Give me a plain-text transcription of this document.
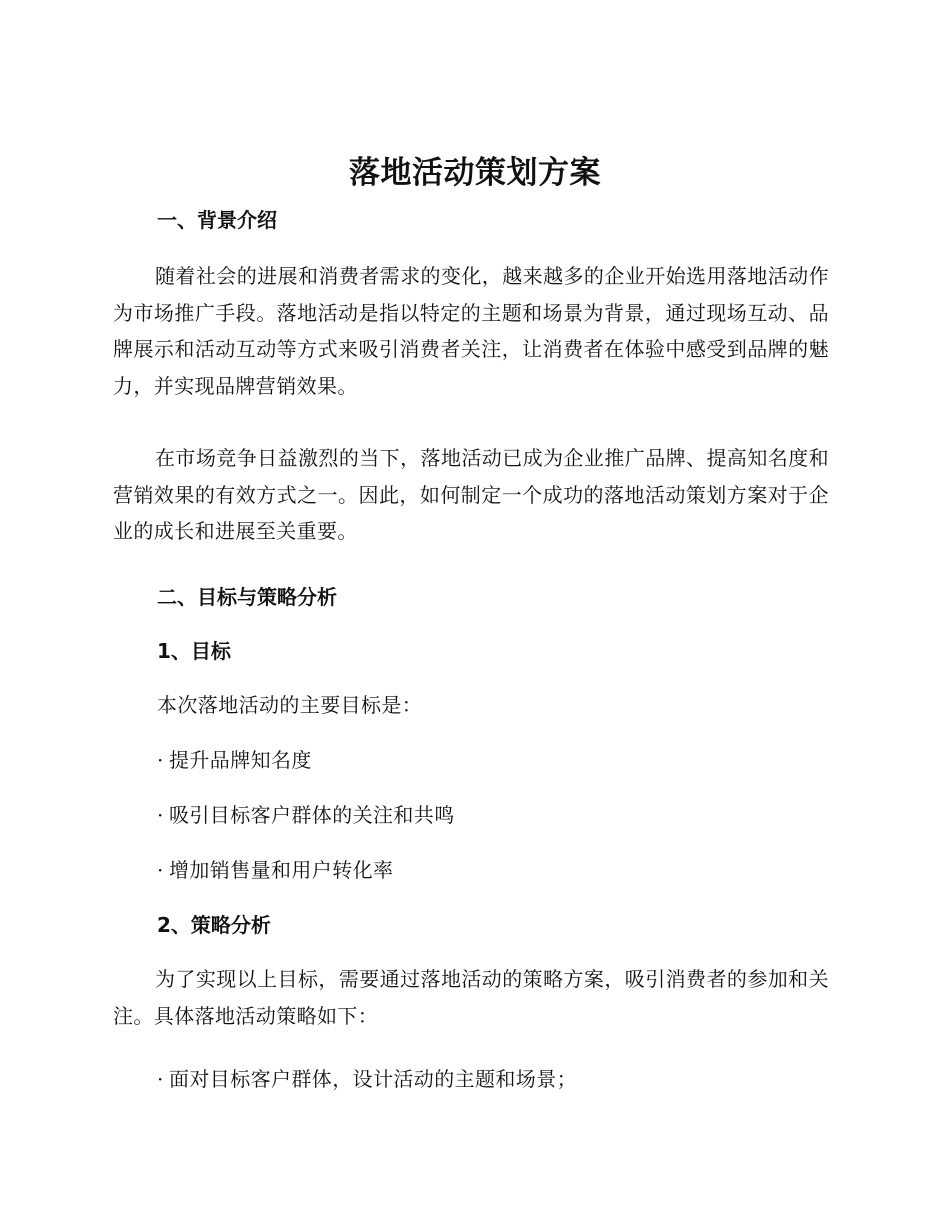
落地活动策划方案
一、背景介绍

随着社会的进展和消费者需求的变化，越来越多的企业开始选用落地活动作为市场推广手段。落地活动是指以特定的主题和场景为背景，通过现场互动、品牌展示和活动互动等方式来吸引消费者关注，让消费者在体验中感受到品牌的魅力，并实现品牌营销效果。

在市场竞争日益激烈的当下，落地活动已成为企业推广品牌、提高知名度和营销效果的有效方式之一。因此，如何制定一个成功的落地活动策划方案对于企业的成长和进展至关重要。

二、目标与策略分析
1、目标

本次落地活动的主要目标是：

· 提升品牌知名度
· 吸引目标客户群体的关注和共鸣
· 增加销售量和用户转化率
2、策略分析

为了实现以上目标，需要通过落地活动的策略方案，吸引消费者的参加和关注。具体落地活动策略如下：

· 面对目标客户群体，设计活动的主题和场景；
